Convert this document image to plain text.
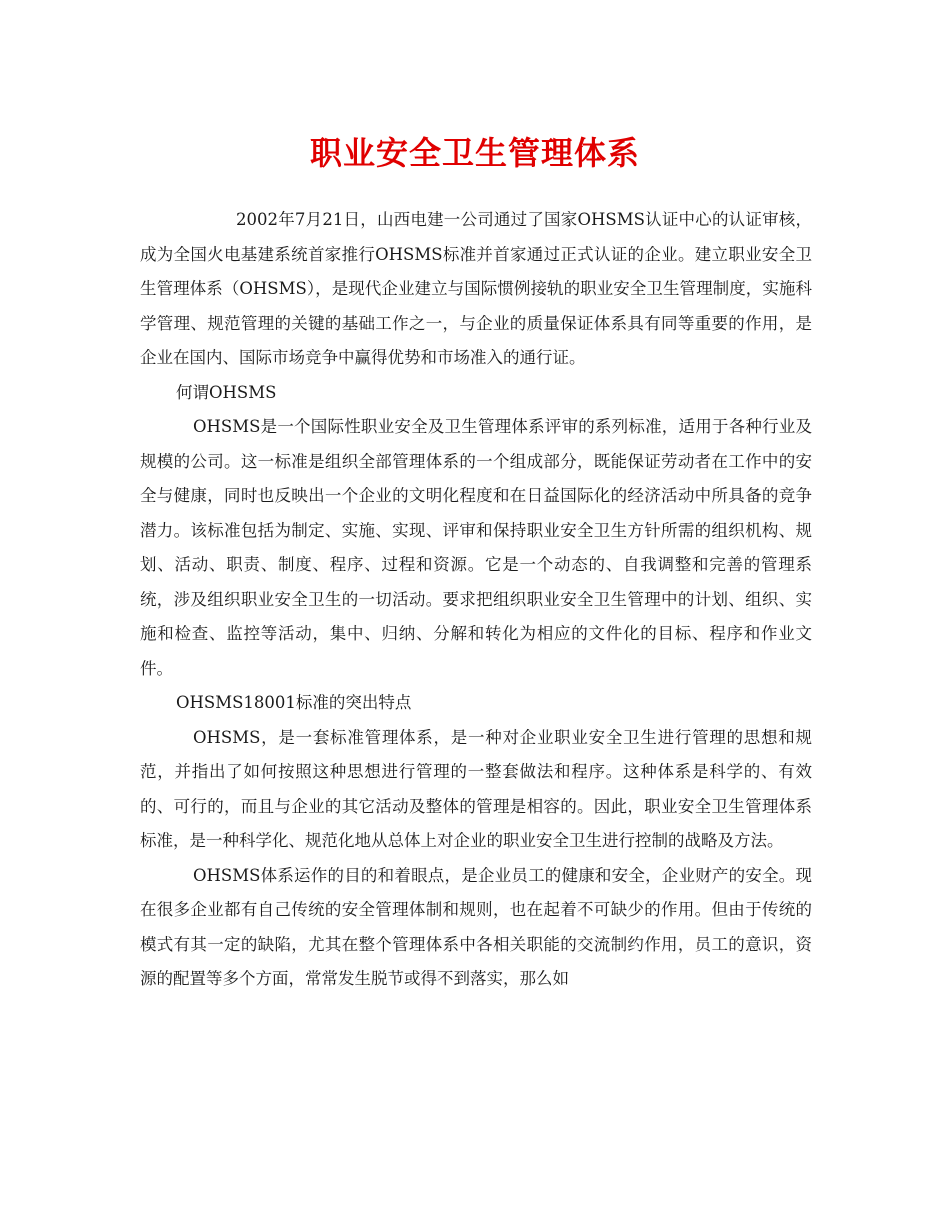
职业安全卫生管理体系

2002年7月21日，山西电建一公司通过了国家OHSMS认证中心的认证审核，成为全国火电基建系统首家推行OHSMS标准并首家通过正式认证的企业。建立职业安全卫生管理体系（OHSMS），是现代企业建立与国际惯例接轨的职业安全卫生管理制度，实施科学管理、规范管理的关键的基础工作之一，与企业的质量保证体系具有同等重要的作用，是企业在国内、国际市场竞争中赢得优势和市场准入的通行证。

何谓OHSMS

OHSMS是一个国际性职业安全及卫生管理体系评审的系列标准，适用于各种行业及规模的公司。这一标准是组织全部管理体系的一个组成部分，既能保证劳动者在工作中的安全与健康，同时也反映出一个企业的文明化程度和在日益国际化的经济活动中所具备的竞争潜力。该标准包括为制定、实施、实现、评审和保持职业安全卫生方针所需的组织机构、规划、活动、职责、制度、程序、过程和资源。它是一个动态的、自我调整和完善的管理系统，涉及组织职业安全卫生的一切活动。要求把组织职业安全卫生管理中的计划、组织、实施和检查、监控等活动，集中、归纳、分解和转化为相应的文件化的目标、程序和作业文件。

OHSMS18001标准的突出特点

OHSMS，是一套标准管理体系，是一种对企业职业安全卫生进行管理的思想和规范，并指出了如何按照这种思想进行管理的一整套做法和程序。这种体系是科学的、有效的、可行的，而且与企业的其它活动及整体的管理是相容的。因此，职业安全卫生管理体系标准，是一种科学化、规范化地从总体上对企业的职业安全卫生进行控制的战略及方法。

OHSMS体系运作的目的和着眼点，是企业员工的健康和安全，企业财产的安全。现在很多企业都有自己传统的安全管理体制和规则，也在起着不可缺少的作用。但由于传统的模式有其一定的缺陷，尤其在整个管理体系中各相关职能的交流制约作用，员工的意识，资源的配置等多个方面，常常发生脱节或得不到落实，那么如
